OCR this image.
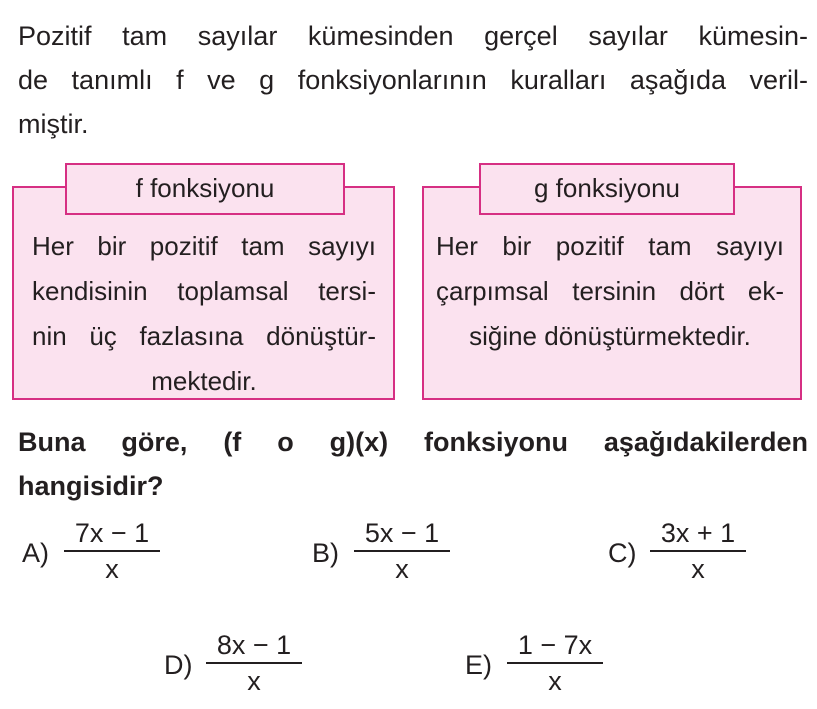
Pozitif tam sayılar kümesinden gerçel sayılar kümesin-
de tanımlı f ve g fonksiyonlarının kuralları aşağıda veril-
miştir.
f fonksiyonu
Her bir pozitif tam sayıyı
kendisinin toplamsal tersi-
nin üç fazlasına dönüştür-
mektedir.
g fonksiyonu
Her bir pozitif tam sayıyı
çarpımsal tersinin dört ek-
siğine dönüştürmektedir.
Buna göre, (f o g)(x) fonksiyonu aşağıdakilerden
hangisidir?
A)
7x − 1
x
B)
5x − 1
x
C)
3x + 1
x
D)
8x − 1
x
E)
1 − 7x
x
